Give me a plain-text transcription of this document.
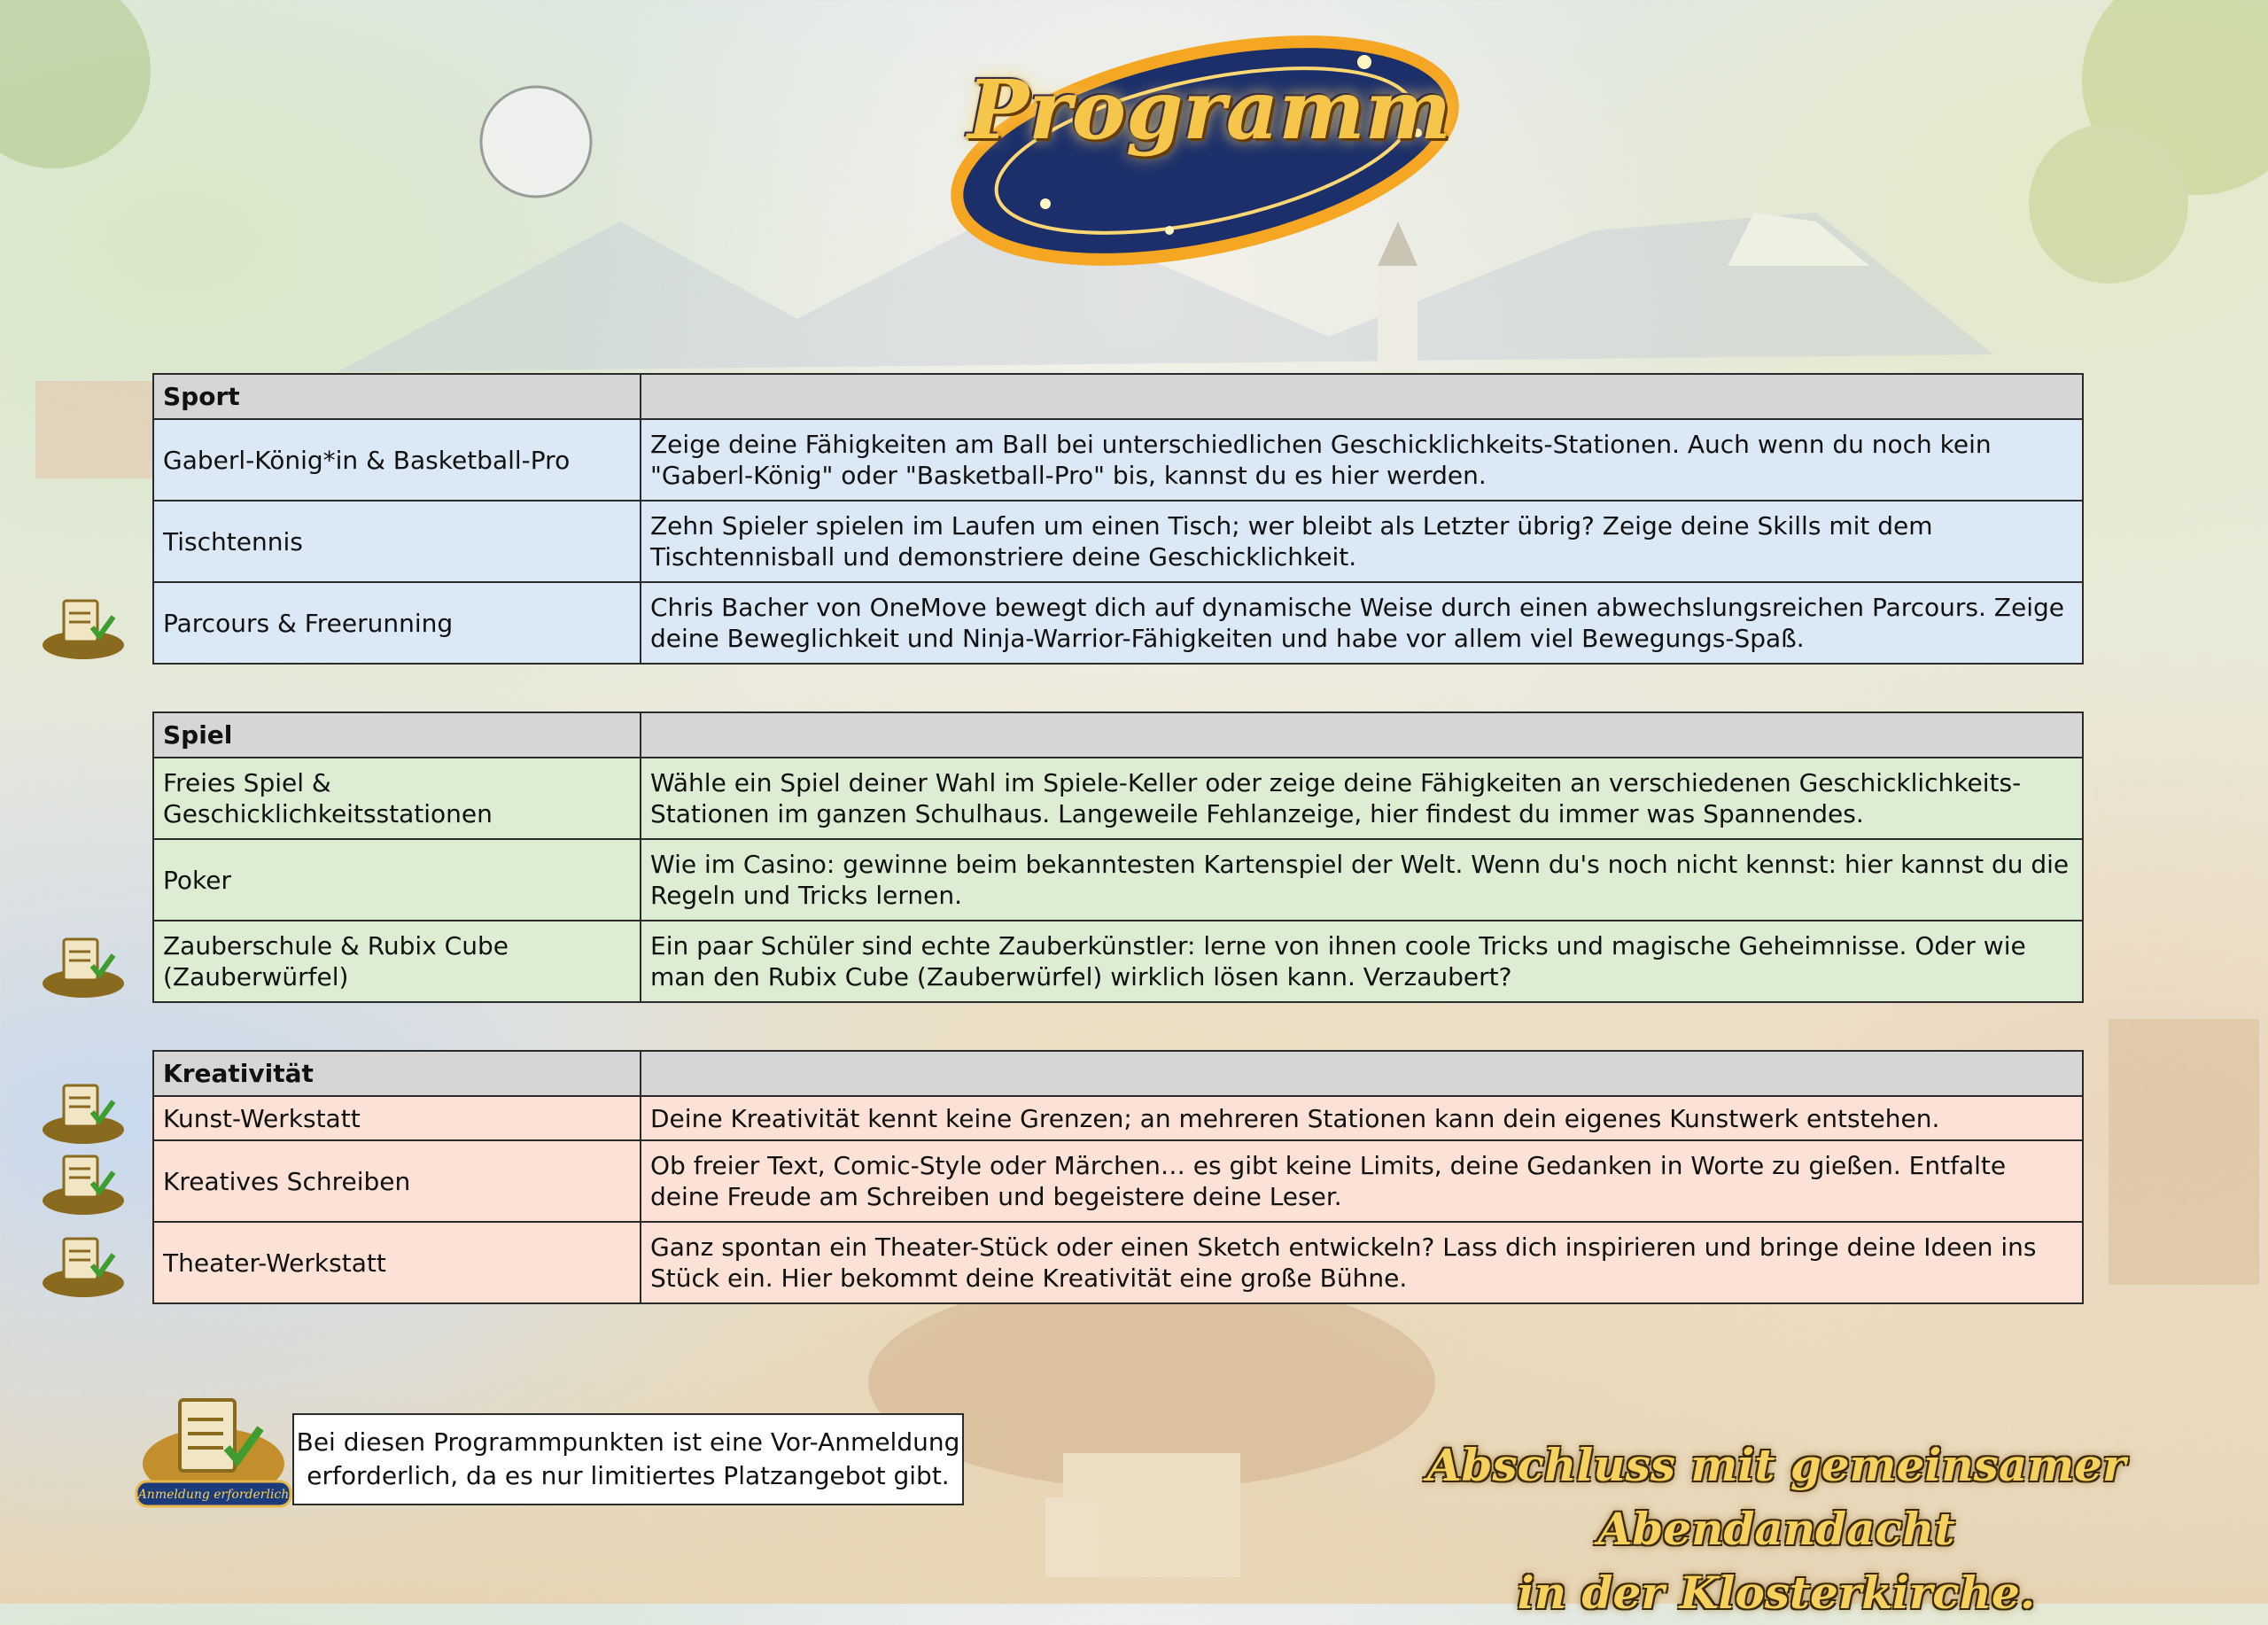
Programm
Sport	
Gaberl-König*in & Basketball-Pro	Zeige deine Fähigkeiten am Ball bei unterschiedlichen Geschicklichkeits-Stationen. Auch wenn du noch kein "Gaberl-König" oder "Basketball-Pro" bis, kannst du es hier werden.
Tischtennis	Zehn Spieler spielen im Laufen um einen Tisch; wer bleibt als Letzter übrig? Zeige deine Skills mit dem Tischtennisball und demonstriere deine Geschicklichkeit.
Parcours & Freerunning	Chris Bacher von OneMove bewegt dich auf dynamische Weise durch einen abwechslungsreichen Parcours. Zeige deine Beweglichkeit und Ninja-Warrior-Fähigkeiten und habe vor allem viel Bewegungs-Spaß.
Spiel	
Freies Spiel & Geschicklichkeitsstationen	Wähle ein Spiel deiner Wahl im Spiele-Keller oder zeige deine Fähigkeiten an verschiedenen Geschicklichkeits-Stationen im ganzen Schulhaus. Langeweile Fehlanzeige, hier findest du immer was Spannendes.
Poker	Wie im Casino: gewinne beim bekanntesten Kartenspiel der Welt. Wenn du's noch nicht kennst: hier kannst du die Regeln und Tricks lernen.
Zauberschule & Rubix Cube (Zauberwürfel)	Ein paar Schüler sind echte Zauberkünstler: lerne von ihnen coole Tricks und magische Geheimnisse. Oder wie man den Rubix Cube (Zauberwürfel) wirklich lösen kann. Verzaubert?
Kreativität	
Kunst-Werkstatt	Deine Kreativität kennt keine Grenzen; an mehreren Stationen kann dein eigenes Kunstwerk entstehen.
Kreatives Schreiben	Ob freier Text, Comic-Style oder Märchen… es gibt keine Limits, deine Gedanken in Worte zu gießen. Entfalte deine Freude am Schreiben und begeistere deine Leser.
Theater-Werkstatt	Ganz spontan ein Theater-Stück oder einen Sketch entwickeln? Lass dich inspirieren und bringe deine Ideen ins Stück ein. Hier bekommt deine Kreativität eine große Bühne.
Anmeldung erforderlich
Bei diesen Programmpunkten ist eine Vor-Anmeldung
erforderlich, da es nur limitiertes Platzangebot gibt.	Abschluss mit gemeinsamer Abendandacht
in der Klosterkirche.
